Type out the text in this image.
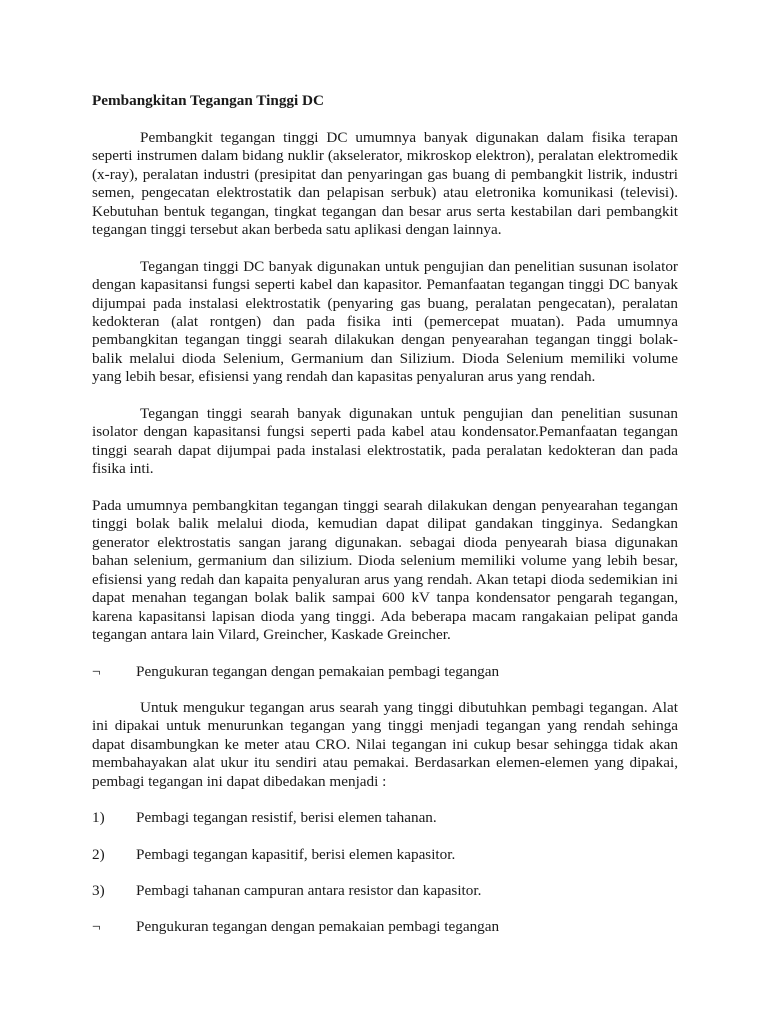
Pembangkitan Tegangan Tinggi DC

Pembangkit tegangan tinggi DC umumnya banyak digunakan dalam fisika terapan seperti instrumen dalam bidang nuklir (akselerator, mikroskop elektron), peralatan elektromedik (x-ray), peralatan industri (presipitat dan penyaringan gas buang di pembangkit listrik, industri semen, pengecatan elektrostatik dan pelapisan serbuk) atau eletronika komunikasi (televisi). Kebutuhan bentuk tegangan, tingkat tegangan dan besar arus serta kestabilan dari pembangkit tegangan tinggi tersebut akan berbeda satu aplikasi dengan lainnya.

Tegangan tinggi DC banyak digunakan untuk pengujian dan penelitian susunan isolator dengan kapasitansi fungsi seperti kabel dan kapasitor. Pemanfaatan tegangan tinggi DC banyak dijumpai pada instalasi elektrostatik (penyaring gas buang, peralatan pengecatan), peralatan kedokteran (alat rontgen) dan pada fisika inti (pemercepat muatan). Pada umumnya pembangkitan tegangan tinggi searah dilakukan dengan penyearahan tegangan tinggi bolak-balik melalui dioda Selenium, Germanium dan Silizium. Dioda Selenium memiliki volume yang lebih besar, efisiensi yang rendah dan kapasitas penyaluran arus yang rendah.

Tegangan tinggi searah banyak digunakan untuk pengujian dan penelitian susunan isolator dengan kapasitansi fungsi seperti pada kabel atau kondensator.Pemanfaatan tegangan tinggi searah dapat dijumpai pada instalasi elektrostatik, pada peralatan kedokteran dan pada fisika inti.

Pada umumnya pembangkitan tegangan tinggi searah dilakukan dengan penyearahan tegangan tinggi bolak balik melalui dioda, kemudian dapat dilipat gandakan tingginya. Sedangkan generator elektrostatis sangan jarang digunakan. sebagai dioda penyearah biasa digunakan bahan selenium, germanium dan silizium. Dioda selenium memiliki volume yang lebih besar, efisiensi yang redah dan kapaita penyaluran arus yang rendah. Akan tetapi dioda sedemikian ini dapat menahan tegangan bolak balik sampai 600 kV tanpa kondensator pengarah tegangan, karena kapasitansi lapisan dioda yang tinggi. Ada beberapa macam rangakaian pelipat ganda tegangan antara lain Vilard, Greincher, Kaskade Greincher.

¬	Pengukuran tegangan dengan pemakaian pembagi tegangan

Untuk mengukur tegangan arus searah yang tinggi dibutuhkan pembagi tegangan. Alat ini dipakai untuk menurunkan tegangan yang tinggi menjadi tegangan yang rendah sehinga dapat disambungkan ke meter atau CRO. Nilai tegangan ini cukup besar sehingga tidak akan membahayakan alat ukur itu sendiri atau pemakai. Berdasarkan elemen-elemen yang dipakai, pembagi tegangan ini dapat dibedakan menjadi :

1)	Pembagi tegangan resistif, berisi elemen tahanan.
2)	Pembagi tegangan kapasitif, berisi elemen kapasitor.
3)	Pembagi tahanan campuran antara resistor dan kapasitor.
¬	Pengukuran tegangan dengan pemakaian pembagi tegangan
